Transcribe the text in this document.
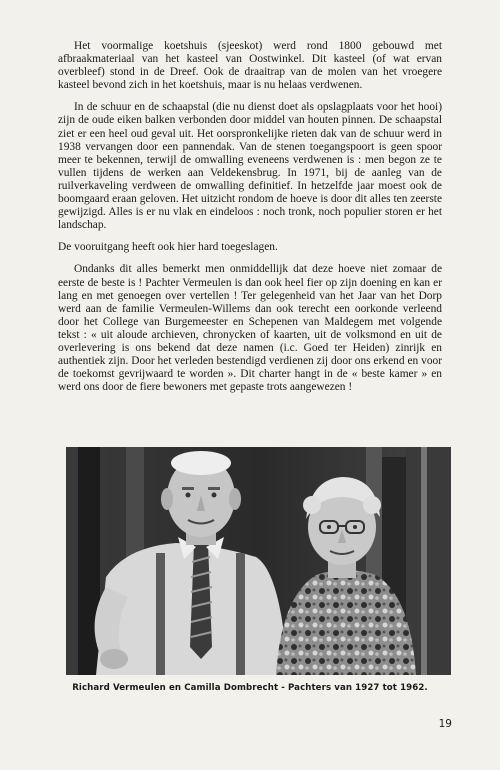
Het voormalige koetshuis (sjeeskot) werd rond 1800 gebouwd met afbraakmateriaal van het kasteel van Oostwinkel. Dit kasteel (of wat ervan overbleef) stond in de Dreef. Ook de draaitrap van de molen van het vroegere kasteel bevond zich in het koetshuis, maar is nu helaas verdwenen.

In de schuur en de schaapstal (die nu dienst doet als opslagplaats voor het hooi) zijn de oude eiken balken verbonden door middel van houten pinnen. De schaapstal ziet er een heel oud geval uit. Het oorspronkelijke rieten dak van de schuur werd in 1938 vervangen door een pannendak. Van de stenen toegangspoort is geen spoor meer te bekennen, terwijl de omwalling eveneens verdwenen is : men begon ze te vullen tijdens de werken aan Veldekensbrug. In 1971, bij de aanleg van de ruilverkaveling verdween de omwalling definitief. In hetzelfde jaar moest ook de boomgaard eraan geloven. Het uitzicht rondom de hoeve is door dit alles ten zeerste gewijzigd. Alles is er nu vlak en eindeloos : noch tronk, noch populier storen er het landschap.

De vooruitgang heeft ook hier hard toegeslagen.

Ondanks dit alles bemerkt men onmiddellijk dat deze hoeve niet zomaar de eerste de beste is ! Pachter Vermeulen is dan ook heel fier op zijn doening en kan er lang en met genoegen over vertellen ! Ter gelegenheid van het Jaar van het Dorp werd aan de familie Vermeulen-Willems dan ook terecht een oorkonde verleend door het College van Burgemeester en Schepenen van Maldegem met volgende tekst : « uit aloude archieven, chronycken of kaarten, uit de volksmond en uit de overlevering is ons bekend dat deze namen (i.c. Goed ter Heiden) zinrijk en authentiek zijn. Door het verleden bestendigd verdienen zij door ons erkend en voor de toekomst gevrijwaard te worden ». Dit charter hangt in de « beste kamer » en werd ons door de fiere bewoners met gepaste trots aangewezen !

Richard Vermeulen en Camilla Dombrecht - Pachters van 1927 tot 1962.
19
